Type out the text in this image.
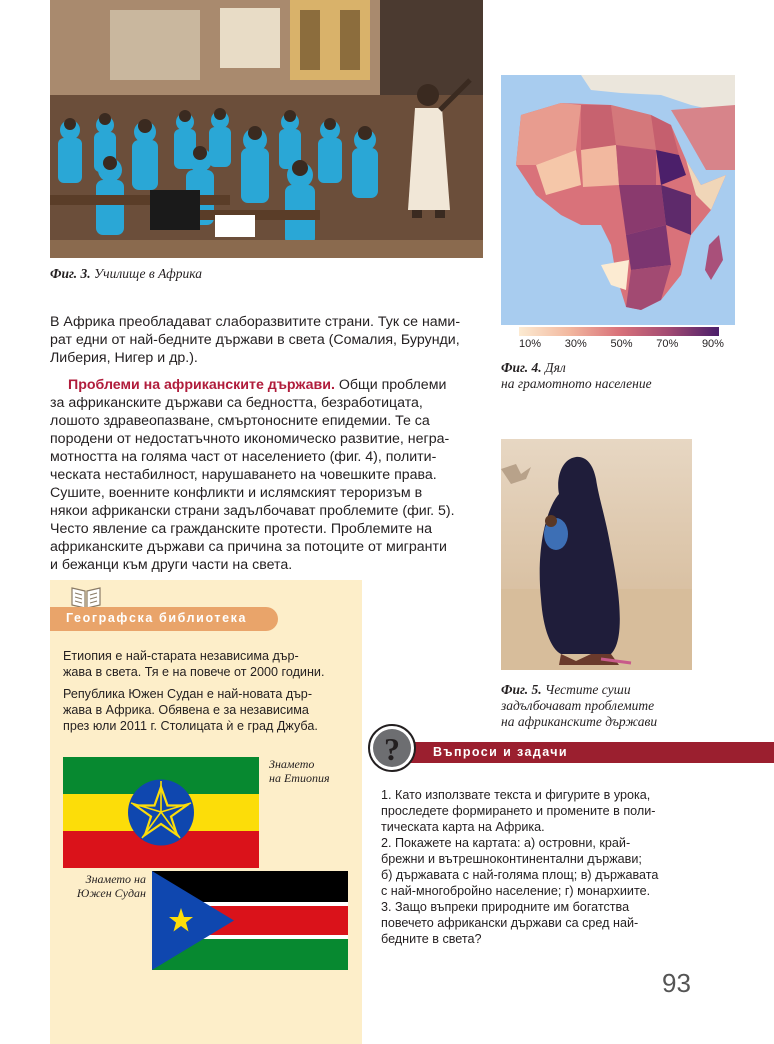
Фиг. 3. Училище в Африка
10% 30% 50% 70% 90%
Фиг. 4. Дял
на грамотното население
Фиг. 5. Честите суши
задълбочават проблемите
на африканските държави
В Африка преобладават слаборазвитите страни. Тук се нами-
рат едни от най-бедните държави в света (Сомалия, Бурунди,
Либерия, Нигер и др.).
Проблеми на африканските държави. Общи проблеми
за африканските държави са бедността, безработицата,
лошото здравеопазване, смъртоносните епидемии. Те са
породени от недостатъчното икономическо развитие, негра-
мотността на голяма част от населението (фиг. 4), полити-
ческата нестабилност, нарушаването на човешките права.
Сушите, военните конфликти и ислямският тероризъм в
някои африкански страни задълбочават проблемите (фиг. 5).
Често явление са гражданските протести. Проблемите на
африканските държави са причина за потоците от мигранти
и бежанци към други части на света.
Географска библиотека
Етиопия е най-старата независима дър-
жава в света. Тя е на повече от 2000 години.
Република Южен Судан е най-новата дър-
жава в Африка. Обявена е за независима
през юли 2011 г. Столицата ѝ е град Джуба.
Знамето
на Етиопия
Знамето на
Южен Судан
?	Въпроси и задачи
1. Като използвате текста и фигурите в урока,
проследете формирането и промените в поли-
тическата карта на Африка.
2. Покажете на картата: а) островни, край-
брежни и вътрешноконтинентални държави;
б) държавата с най-голяма площ; в) държавата
с най-многобройно население; г) монархиите.
3. Защо въпреки природните им богатства
повечето африкански държави са сред най-
бедните в света?
93
